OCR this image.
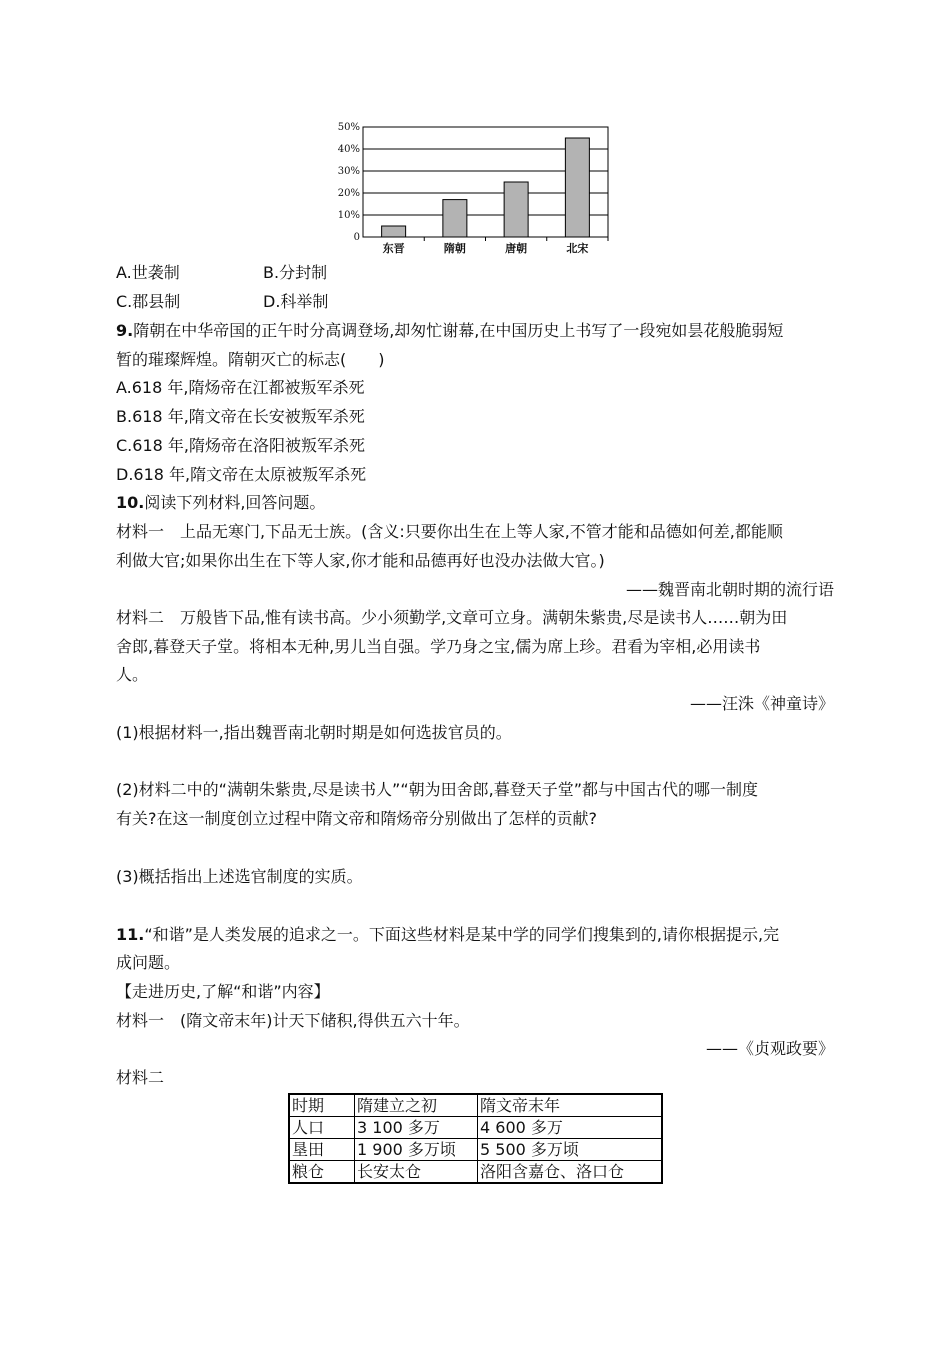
0
10%
20%
30%
40%
50%
东晋	隋朝	唐朝	北宋
A.世袭制	B.分封制
C.郡县制	D.科举制
9.隋朝在中华帝国的正午时分高调登场,却匆忙谢幕,在中国历史上书写了一段宛如昙花般脆弱短
暂的璀璨辉煌。隋朝灭亡的标志(　　)
A.618 年,隋炀帝在江都被叛军杀死
B.618 年,隋文帝在长安被叛军杀死
C.618 年,隋炀帝在洛阳被叛军杀死
D.618 年,隋文帝在太原被叛军杀死
10.阅读下列材料,回答问题。
材料一　上品无寒门,下品无士族。(含义:只要你出生在上等人家,不管才能和品德如何差,都能顺
利做大官;如果你出生在下等人家,你才能和品德再好也没办法做大官。)
——魏晋南北朝时期的流行语
材料二　万般皆下品,惟有读书高。少小须勤学,文章可立身。满朝朱紫贵,尽是读书人……朝为田
舍郎,暮登天子堂。将相本无种,男儿当自强。学乃身之宝,儒为席上珍。君看为宰相,必用读书
人。
——汪洙《神童诗》
(1)根据材料一,指出魏晋南北朝时期是如何选拔官员的。
(2)材料二中的“满朝朱紫贵,尽是读书人”“朝为田舍郎,暮登天子堂”都与中国古代的哪一制度
有关?在这一制度创立过程中隋文帝和隋炀帝分别做出了怎样的贡献?
(3)概括指出上述选官制度的实质。
11.“和谐”是人类发展的追求之一。下面这些材料是某中学的同学们搜集到的,请你根据提示,完
成问题。
【走进历史,了解“和谐”内容】
材料一　(隋文帝末年)计天下储积,得供五六十年。
——《贞观政要》
材料二
时期	隋建立之初	隋文帝末年
人口	3 100 多万	4 600 多万
垦田	1 900 多万顷	5 500 多万顷
粮仓	长安太仓	洛阳含嘉仓、洛口仓
